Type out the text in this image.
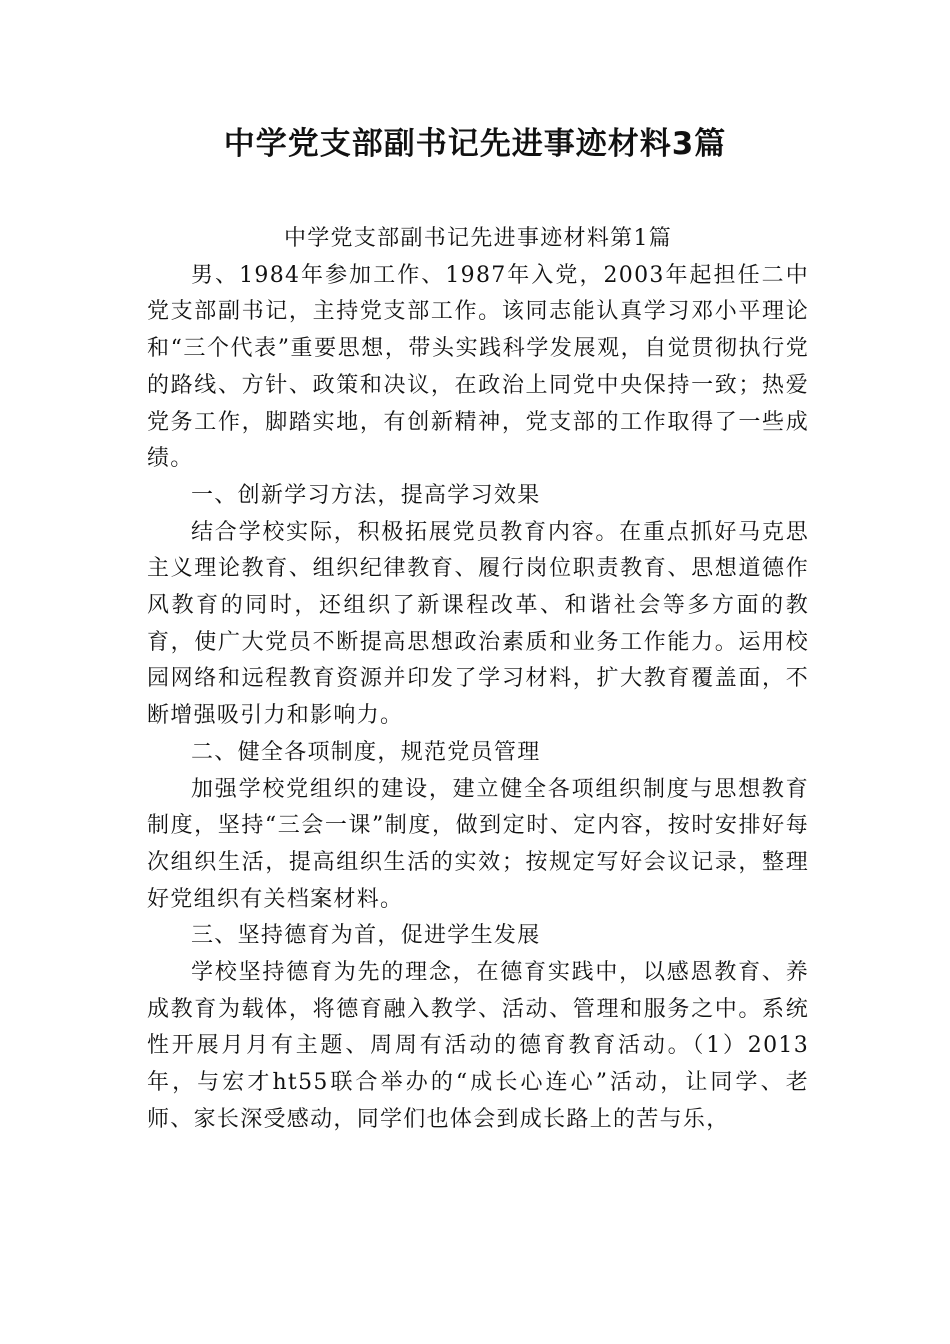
中学党支部副书记先进事迹材料3篇

中学党支部副书记先进事迹材料第1篇

男、1984年参加工作、1987年入党，2003年起担任二中党支部副书记，主持党支部工作。该同志能认真学习邓小平理论和“三个代表”重要思想，带头实践科学发展观，自觉贯彻执行党的路线、方针、政策和决议，在政治上同党中央保持一致；热爱党务工作，脚踏实地，有创新精神，党支部的工作取得了一些成绩。

一、创新学习方法，提高学习效果

结合学校实际，积极拓展党员教育内容。在重点抓好马克思主义理论教育、组织纪律教育、履行岗位职责教育、思想道德作风教育的同时，还组织了新课程改革、和谐社会等多方面的教育，使广大党员不断提高思想政治素质和业务工作能力。运用校园网络和远程教育资源并印发了学习材料，扩大教育覆盖面，不断增强吸引力和影响力。

二、健全各项制度，规范党员管理

加强学校党组织的建设，建立健全各项组织制度与思想教育制度，坚持“三会一课”制度，做到定时、定内容，按时安排好每次组织生活，提高组织生活的实效；按规定写好会议记录，整理好党组织有关档案材料。

三、坚持德育为首，促进学生发展

学校坚持德育为先的理念，在德育实践中，以感恩教育、养成教育为载体，将德育融入教学、活动、管理和服务之中。系统性开展月月有主题、周周有活动的德育教育活动。（1）2013年，与宏才ht55联合举办的“成长心连心”活动，让同学、老师、家长深受感动，同学们也体会到成长路上的苦与乐，
